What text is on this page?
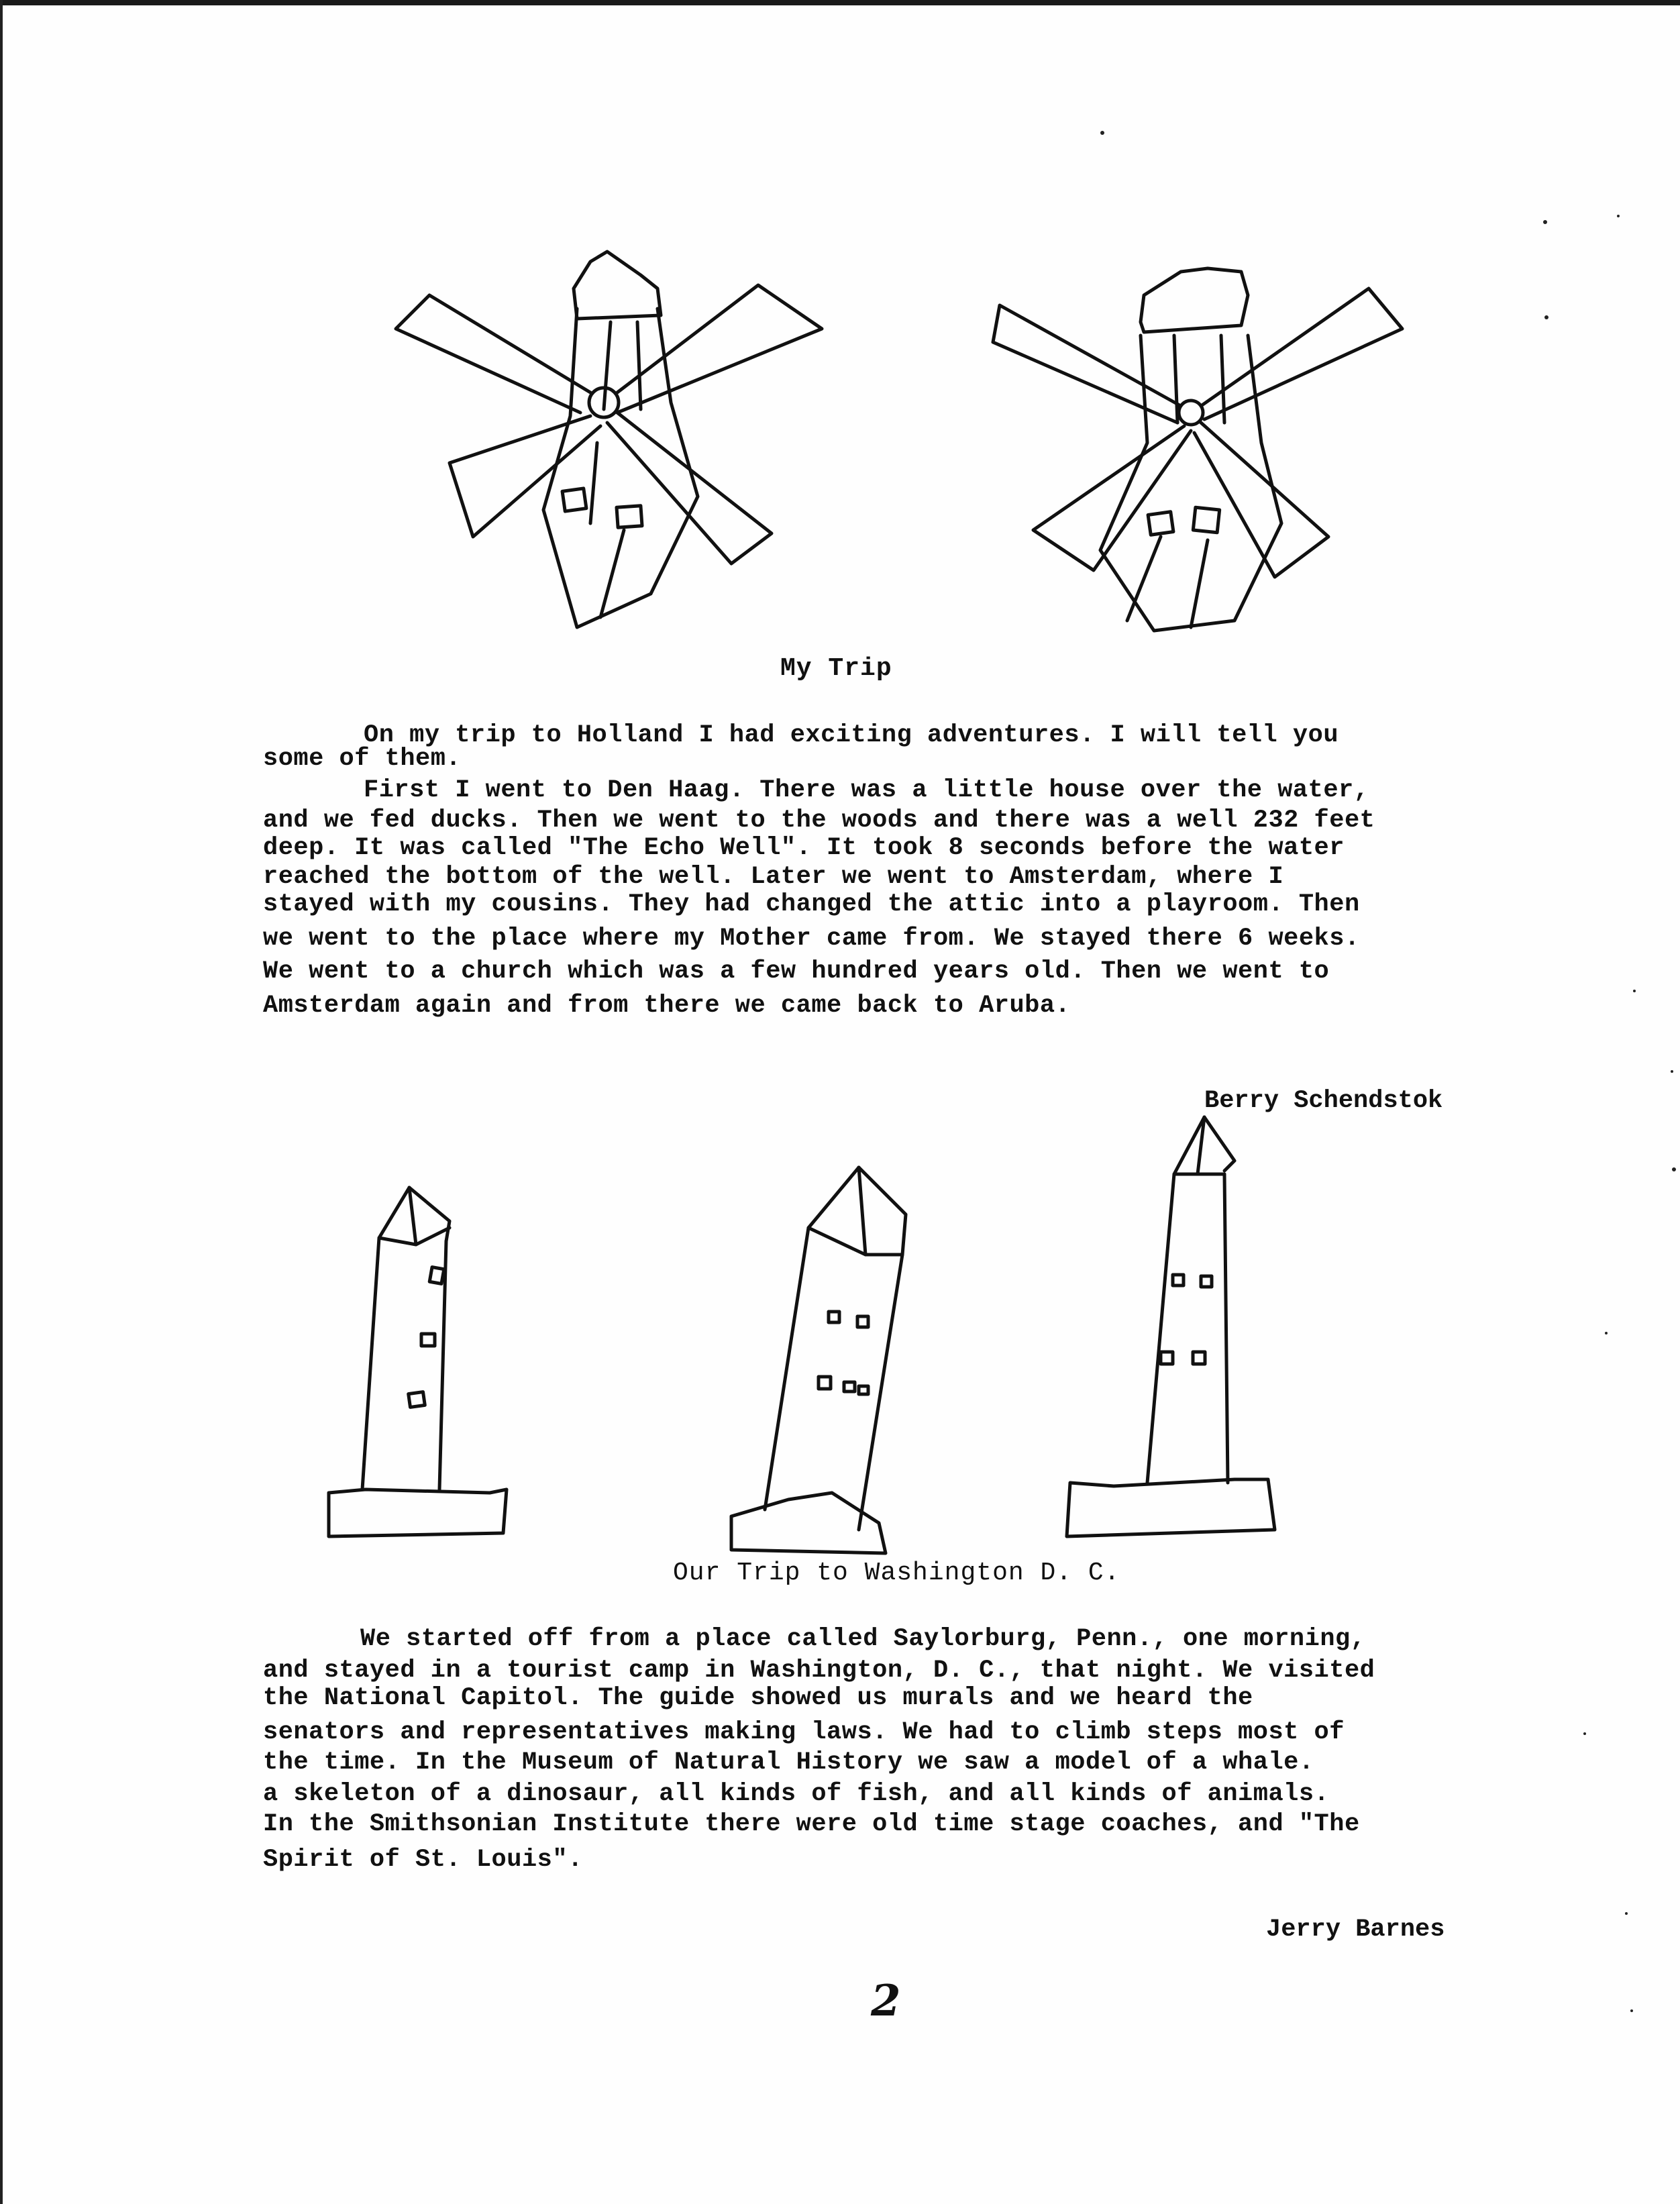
My Trip
On my trip to Holland I had exciting adventures. I will tell you
some of them.
First I went to Den Haag. There was a little house over the water,
and we fed ducks. Then we went to the woods and there was a well 232 feet
deep. It was called "The Echo Well". It took 8 seconds before the water
reached the bottom of the well. Later we went to Amsterdam, where I
stayed with my cousins. They had changed the attic into a playroom. Then
we went to the place where my Mother came from. We stayed there 6 weeks.
We went to a church which was a few hundred years old. Then we went to
Amsterdam again and from there we came back to Aruba.
Berry Schendstok
Our Trip to Washington D. C.
We started off from a place called Saylorburg, Penn., one morning,
and stayed in a tourist camp in Washington, D. C., that night. We visited
the National Capitol. The guide showed us murals and we heard the
senators and representatives making laws. We had to climb steps most of
the time. In the Museum of Natural History we saw a model of a whale.
a skeleton of a dinosaur, all kinds of fish, and all kinds of animals.
In the Smithsonian Institute there were old time stage coaches, and "The
Spirit of St. Louis".
Jerry Barnes
2
